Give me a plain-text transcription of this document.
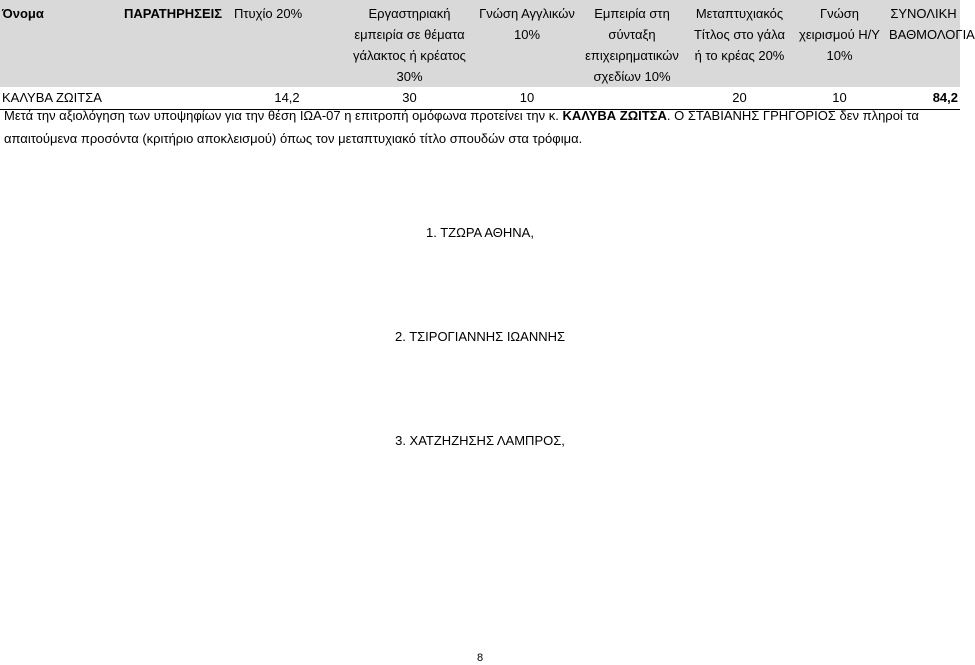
Όνομα	ΠΑΡΑΤΗΡΗΣΕΙΣ	Πτυχίο 20%	Εργαστηριακή εμπειρία σε θέματα γάλακτος ή κρέατος 30%	Γνώση Αγγλικών 10%	Εμπειρία στη σύνταξη επιχειρηματικών σχεδίων 10%	Μεταπτυχιακός Τίτλος στο γάλα ή το κρέας 20%	Γνώση χειρισμού Η/Υ 10%	ΣΥΝΟΛΙΚΗ ΒΑΘΜΟΛΟΓΙΑ
ΚΑΛΥΒΑ ΖΩΙΤΣΑ		14,2	30	10		20	10	84,2
Μετά την αξιολόγηση των υποψηφίων για την θέση ΙΩΑ-07 η επιτροπή ομόφωνα προτείνει την κ. ΚΑΛΥΒΑ ΖΩΙΤΣΑ. Ο ΣΤΑΒΙΑΝΗΣ ΓΡΗΓΟΡΙΟΣ δεν πληροί τα απαιτούμενα προσόντα (κριτήριο αποκλεισμού) όπως τον μεταπτυχιακό τίτλο σπουδών στα τρόφιμα.
1. ΤΖΩΡΑ ΑΘΗΝΑ,
2. ΤΣΙΡΟΓΙΑΝΝΗΣ ΙΩΑΝΝΗΣ
3. ΧΑΤΖΗΖΗΣΗΣ ΛΑΜΠΡΟΣ,
8
